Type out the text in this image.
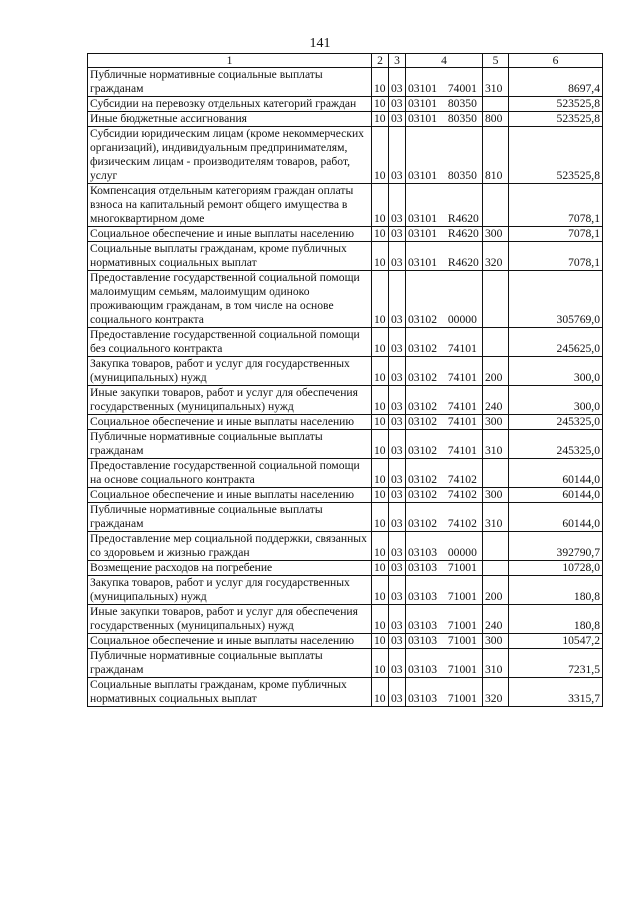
141
1	2	3	4	5	6
Публичные нормативные социальные выплаты гражданам	10	03	03101 74001	310	8697,4
Субсидии на перевозку отдельных категорий граждан	10	03	03101 80350		523525,8
Иные бюджетные ассигнования	10	03	03101 80350	800	523525,8
Субсидии юридическим лицам (кроме некоммерческих организаций), индивидуальным предпринимателям, физическим лицам - производителям товаров, работ, услуг	10	03	03101 80350	810	523525,8
Компенсация отдельным категориям граждан оплаты взноса на капитальный ремонт общего имущества в многоквартирном доме	10	03	03101 R4620		7078,1
Социальное обеспечение и иные выплаты населению	10	03	03101 R4620	300	7078,1
Социальные выплаты гражданам, кроме публичных нормативных социальных выплат	10	03	03101 R4620	320	7078,1
Предоставление государственной социальной помощи малоимущим семьям, малоимущим одиноко проживающим гражданам, в том числе на основе социального контракта	10	03	03102 00000		305769,0
Предоставление государственной социальной помощи без социального контракта	10	03	03102 74101		245625,0
Закупка товаров, работ и услуг для государственных (муниципальных) нужд	10	03	03102 74101	200	300,0
Иные закупки товаров, работ и услуг для обеспечения государственных (муниципальных) нужд	10	03	03102 74101	240	300,0
Социальное обеспечение и иные выплаты населению	10	03	03102 74101	300	245325,0
Публичные нормативные социальные выплаты гражданам	10	03	03102 74101	310	245325,0
Предоставление государственной социальной помощи на основе социального контракта	10	03	03102 74102		60144,0
Социальное обеспечение и иные выплаты населению	10	03	03102 74102	300	60144,0
Публичные нормативные социальные выплаты гражданам	10	03	03102 74102	310	60144,0
Предоставление мер социальной поддержки, связанных со здоровьем и жизнью граждан	10	03	03103 00000		392790,7
Возмещение расходов на погребение	10	03	03103 71001		10728,0
Закупка товаров, работ и услуг для государственных (муниципальных) нужд	10	03	03103 71001	200	180,8
Иные закупки товаров, работ и услуг для обеспечения государственных (муниципальных) нужд	10	03	03103 71001	240	180,8
Социальное обеспечение и иные выплаты населению	10	03	03103 71001	300	10547,2
Публичные нормативные социальные выплаты гражданам	10	03	03103 71001	310	7231,5
Социальные выплаты гражданам, кроме публичных нормативных социальных выплат	10	03	03103 71001	320	3315,7
